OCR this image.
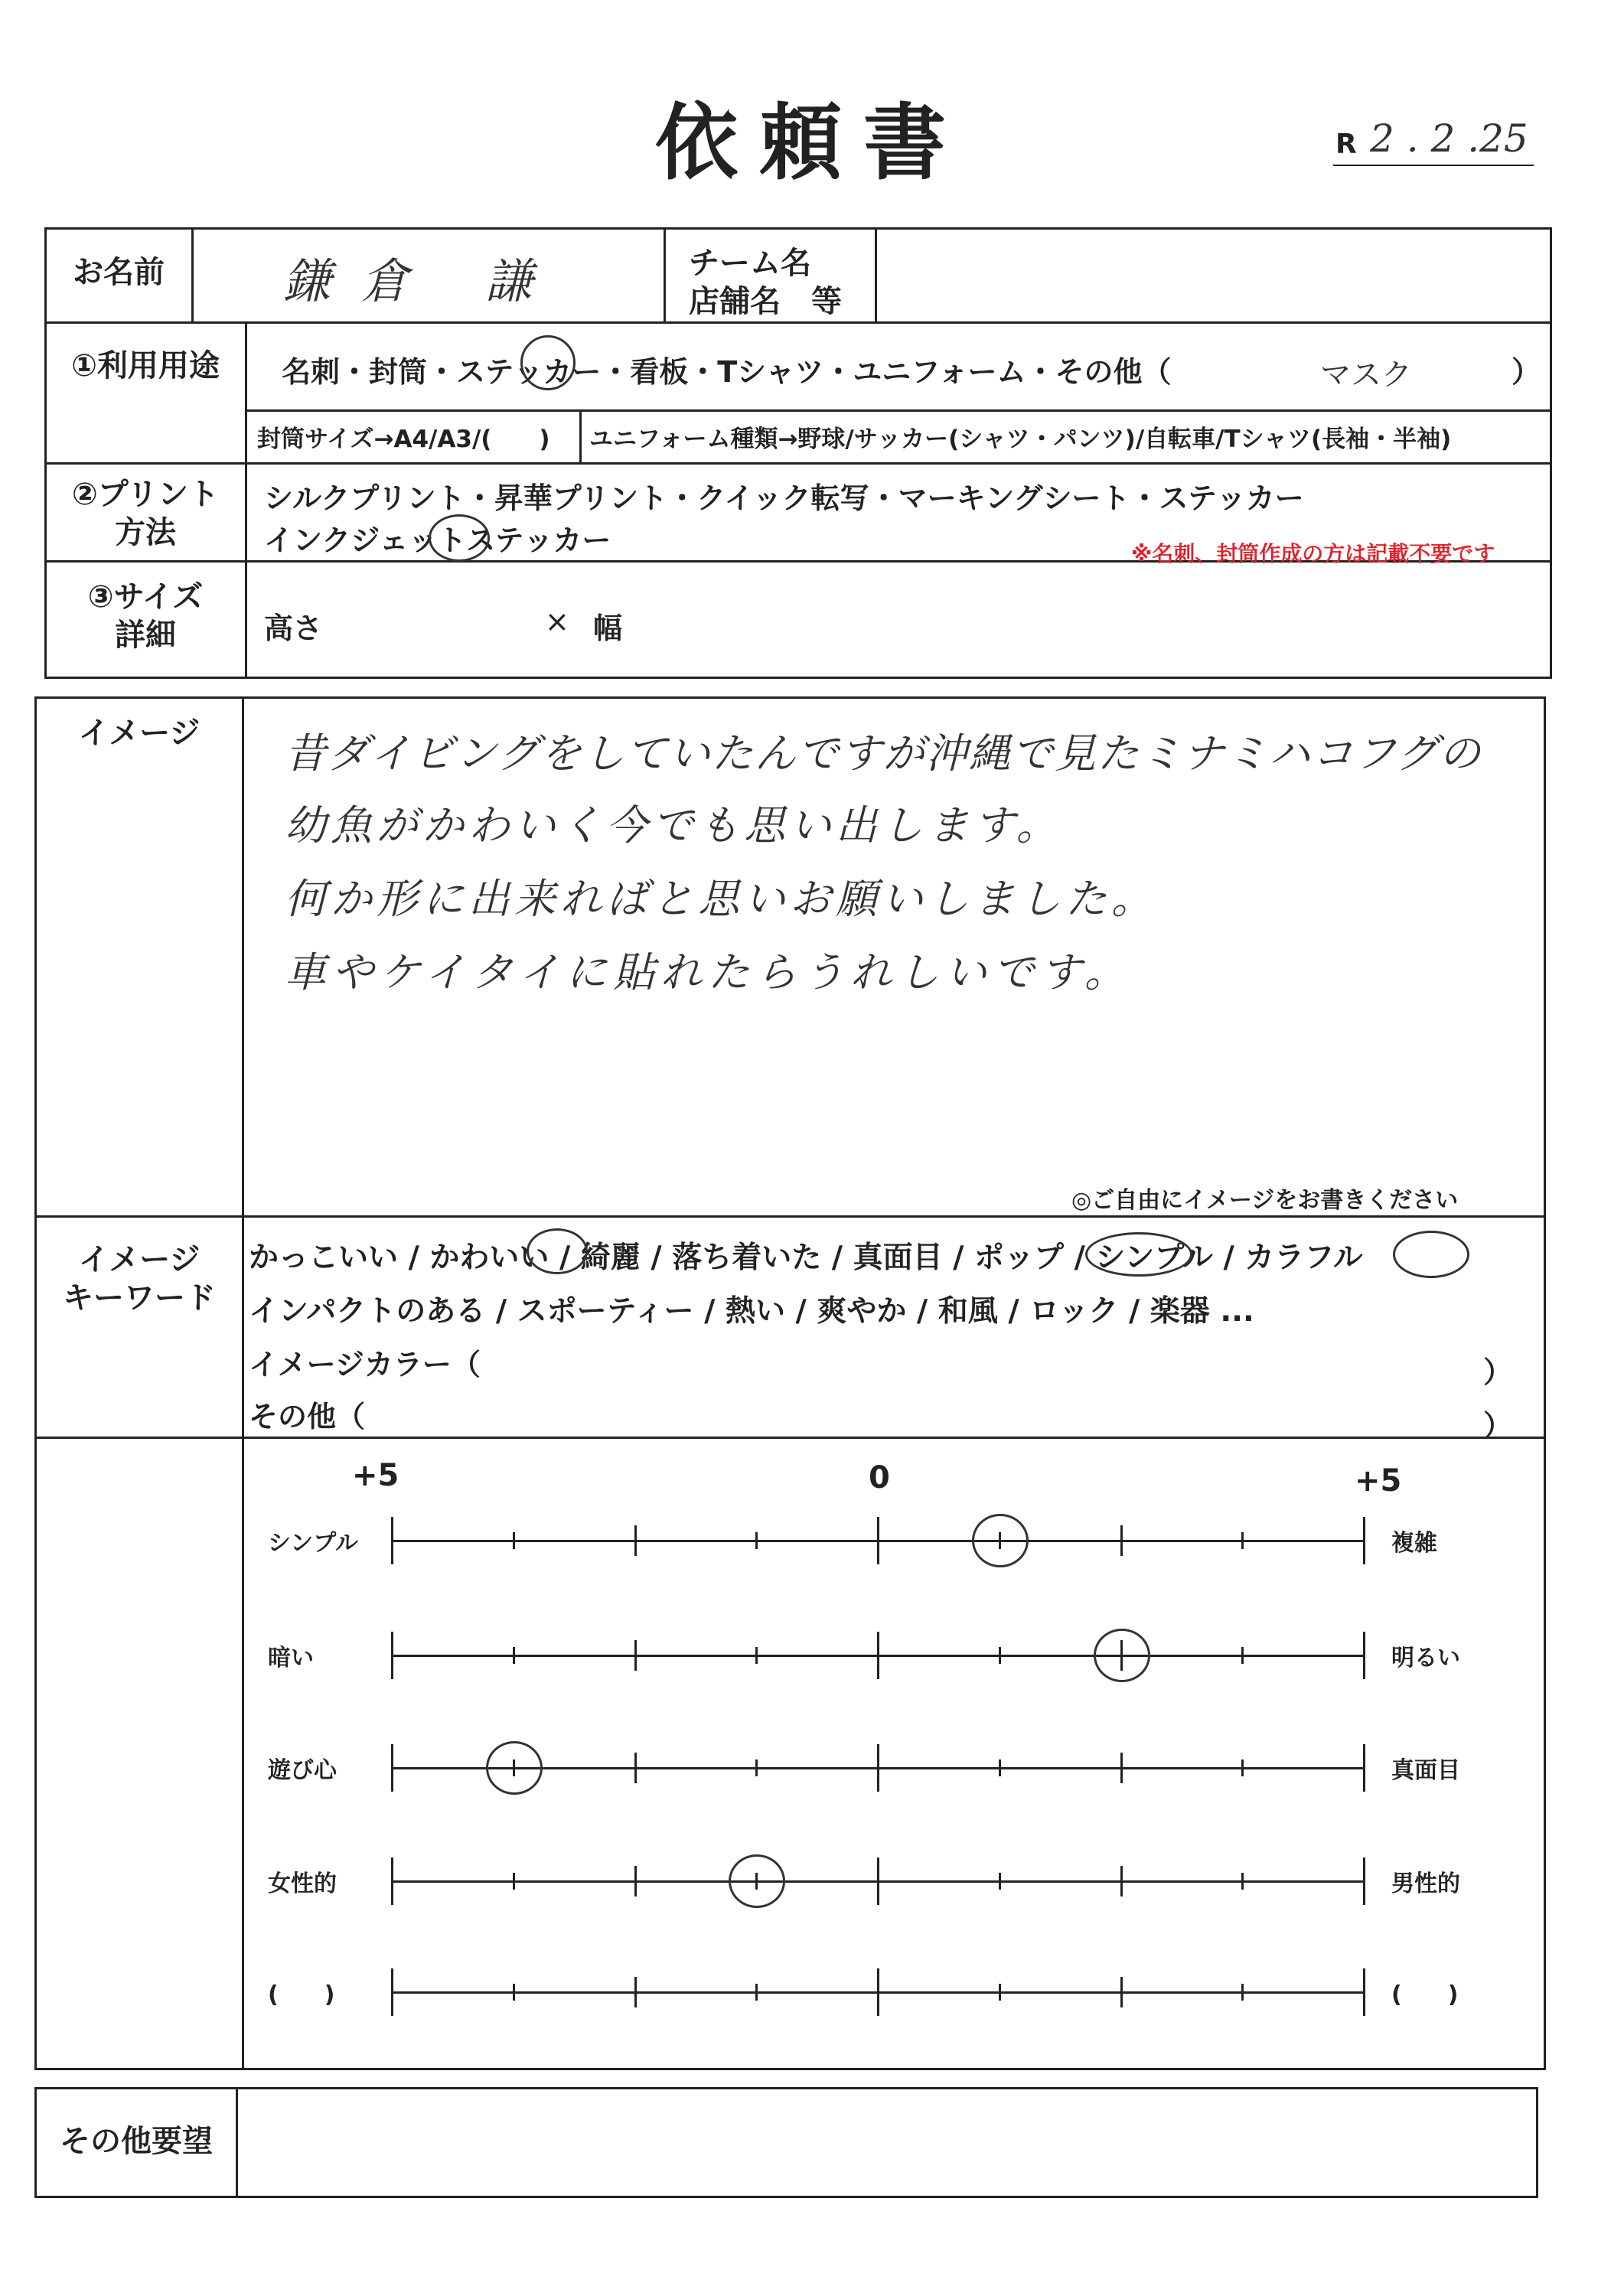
依頼書	R 2 . 2 .25
お名前	鎌倉 謙	チーム名
店舗名　等
①利用用途	名刺・封筒・ステッカー・看板・Tシャツ・ユニフォーム・その他（	マスク	）
封筒サイズ→A4/A3/(　　) ユニフォーム種類→野球/サッカー(シャツ・パンツ)/自転車/Tシャツ(長袖・半袖)
②プリント
方法
シルクプリント・昇華プリント・クイック転写・マーキングシート・ステッカー
インクジェットステッカー	※名刺、封筒作成の方は記載不要です
③サイズ
詳細	高さ	× 幅
イメージ	昔ダイビングをしていたんですが沖縄で見たミナミハコフグの
幼魚がかわいく今でも思い出します。
何か形に出来ればと思いお願いしました。
車やケイタイに貼れたらうれしいです。
◎ご自由にイメージをお書きください
イメージ
キーワード
かっこいい / かわいい / 綺麗 / 落ち着いた / 真面目 / ポップ / シンプル / カラフル
インパクトのある / スポーティー / 熱い / 爽やか / 和風 / ロック / 楽器 ...
イメージカラー（	）
その他（	）
+5	0	+5
シンプル	複雑
暗い	明るい
遊び心	真面目
女性的	男性的
(　　)	(　　)
その他要望
